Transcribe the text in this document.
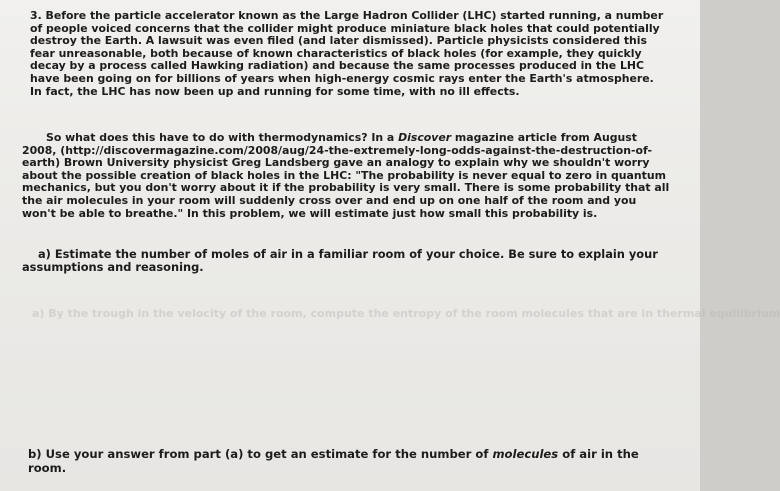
3. Before the particle accelerator known as the Large Hadron Collider (LHC) started running, a number of people voiced concerns that the collider might produce miniature black holes that could potentially destroy the Earth. A lawsuit was even filed (and later dismissed). Particle physicists considered this fear unreasonable, both because of known characteristics of black holes (for example, they quickly decay by a process called Hawking radiation) and because the same processes produced in the LHC have been going on for billions of years when high-energy cosmic rays enter the Earth's atmosphere. In fact, the LHC has now been up and running for some time, with no ill effects.

So what does this have to do with thermodynamics? In a Discover magazine article from August 2008, (http://discovermagazine.com/2008/aug/24-the-extremely-long-odds-against-the-destruction-of-earth) Brown University physicist Greg Landsberg gave an analogy to explain why we shouldn't worry about the possible creation of black holes in the LHC: "The probability is never equal to zero in quantum mechanics, but you don't worry about it if the probability is very small. There is some probability that all the air molecules in your room will suddenly cross over and end up on one half of the room and you won't be able to breathe." In this problem, we will estimate just how small this probability is.

a) Estimate the number of moles of air in a familiar room of your choice. Be sure to explain your assumptions and reasoning.

a) By the trough in the velocity of the room, compute the entropy of the room molecules that are in thermal equilibrium

b) Use your answer from part (a) to get an estimate for the number of molecules of air in the room.
